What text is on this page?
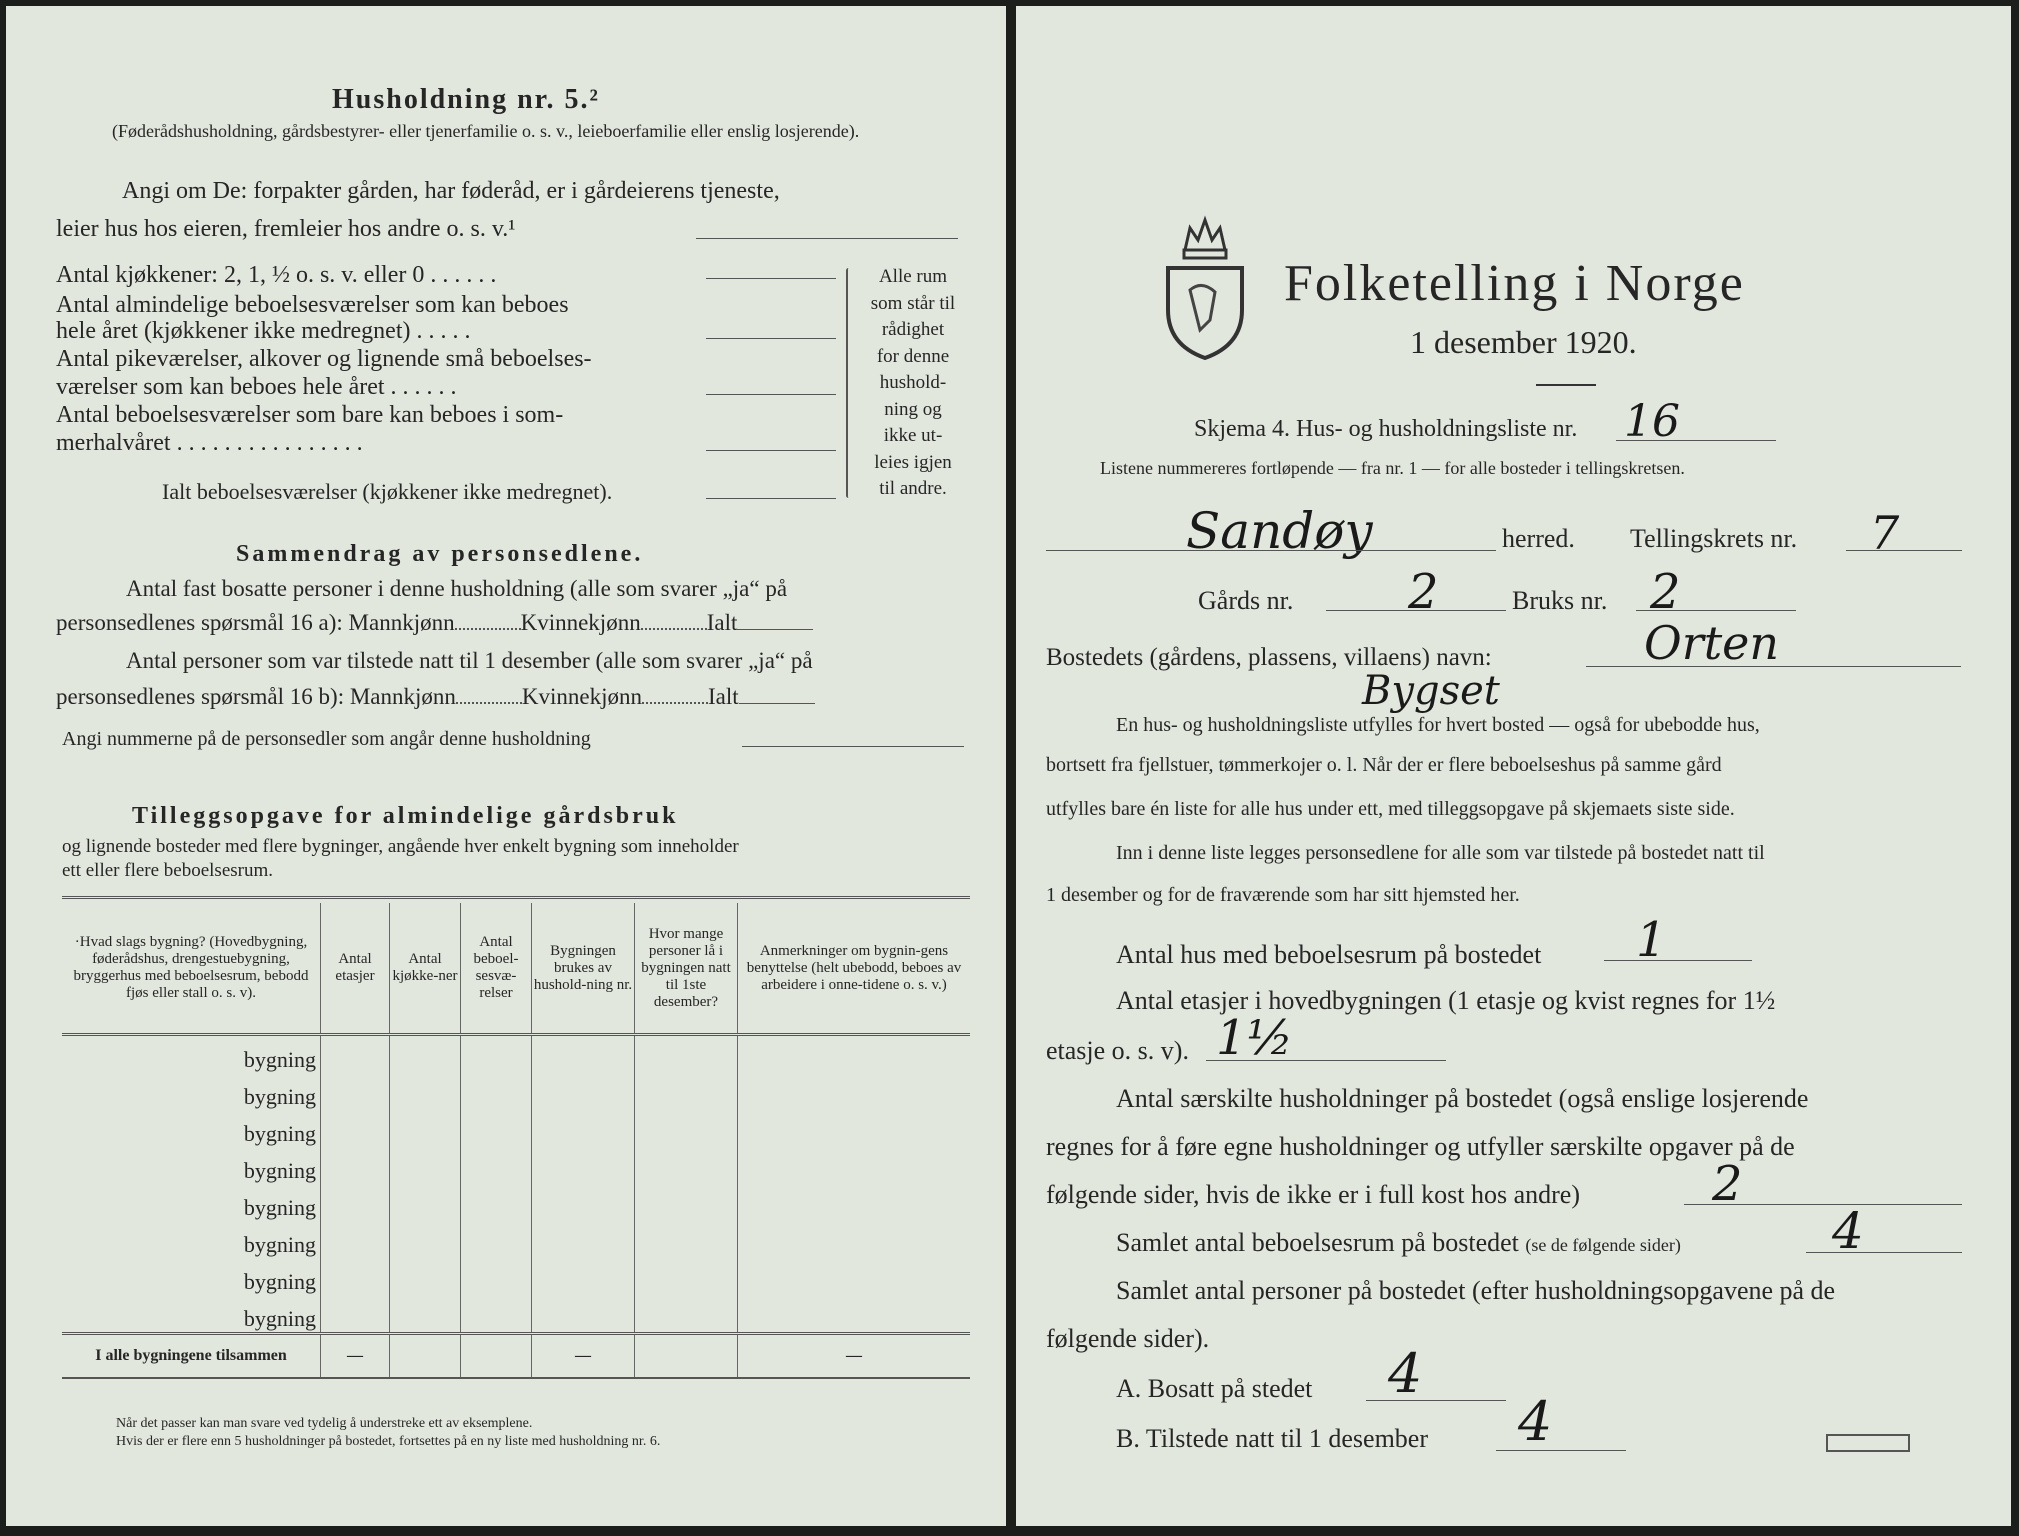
Husholdning nr. 5.²
(Føderådshusholdning, gårdsbestyrer- eller tjenerfamilie o. s. v., leieboerfamilie eller enslig losjerende).
Angi om De: forpakter gården, har føderåd, er i gårdeierens tjeneste,
leier hus hos eieren, fremleier hos andre o. s. v.¹
Antal kjøkkener: 2, 1, ½ o. s. v. eller 0 . . . . . .
Antal almindelige beboelsesværelser som kan beboes
hele året (kjøkkener ikke medregnet) . . . . .
Antal pikeværelser, alkover og lignende små beboelses-
værelser som kan beboes hele året . . . . . .
Antal beboelsesværelser som bare kan beboes i som-
merhalvåret . . . . . . . . . . . . . . . .
Ialt beboelsesværelser (kjøkkener ikke medregnet).
Alle rum
som står til
rådighet
for denne
hushold-
ning og
ikke ut-
leies igjen
til andre.
Sammendrag av personsedlene.
Antal fast bosatte personer i denne husholdning (alle som svarer „ja“ på
personsedlenes spørsmål 16 a): Mannkjønn	Kvinnekjønn	Ialt
Antal personer som var tilstede natt til 1 desember (alle som svarer „ja“ på
personsedlenes spørsmål 16 b): Mannkjønn	Kvinnekjønn	Ialt
Angi nummerne på de personsedler som angår denne husholdning
Tilleggsopgave for almindelige gårdsbruk
og lignende bosteder med flere bygninger, angående hver enkelt bygning som inneholder
ett eller flere beboelsesrum.
·Hvad slags bygning? (Hovedbygning, føderådshus, drengestuebygning, bryggerhus med beboelsesrum, bebodd fjøs eller stall o. s. v).	Antal etasjer	Antal kjøkke-ner	Antal beboel-sesvæ-relser	Bygningen brukes av hushold-ning nr.	Hvor mange personer lå i bygningen natt til 1ste desember?	Anmerkninger om bygnin-gens benyttelse (helt ubebodd, beboes av arbeidere i onne-tidene o. s. v.)
bygning						
bygning						
bygning						
bygning						
bygning						
bygning						
bygning						
bygning						
I alle bygningene tilsammen	—			—		—
Når det passer kan man svare ved tydelig å understreke ett av eksemplene.
Hvis der er flere enn 5 husholdninger på bostedet, fortsettes på en ny liste med husholdning nr. 6.
Folketelling i Norge
1 desember 1920.
Skjema 4. Hus- og husholdningsliste nr. 16
Listene nummereres fortløpende — fra nr. 1 — for alle bosteder i tellingskretsen.
Sandøy	herred. Tellingskrets nr. 7
Gårds nr. 2	Bruks nr. 2
Bostedets (gårdens, plassens, villaens) navn:	Orten
Bygset
En hus- og husholdningsliste utfylles for hvert bosted — også for ubebodde hus,
bortsett fra fjellstuer, tømmerkojer o. l. Når der er flere beboelseshus på samme gård
utfylles bare én liste for alle hus under ett, med tilleggsopgave på skjemaets siste side.
Inn i denne liste legges personsedlene for alle som var tilstede på bostedet natt til
1 desember og for de fraværende som har sitt hjemsted her.
Antal hus med beboelsesrum på bostedet 1
Antal etasjer i hovedbygningen (1 etasje og kvist regnes for 1½
etasje o. s. v). 1½
Antal særskilte husholdninger på bostedet (også enslige losjerende
regnes for å føre egne husholdninger og utfyller særskilte opgaver på de
følgende sider, hvis de ikke er i full kost hos andre)	2
Samlet antal beboelsesrum på bostedet (se de følgende sider)	4
Samlet antal personer på bostedet (efter husholdningsopgavene på de
følgende sider).
A. Bosatt på stedet 4
B. Tilstede natt til 1 desember 4
